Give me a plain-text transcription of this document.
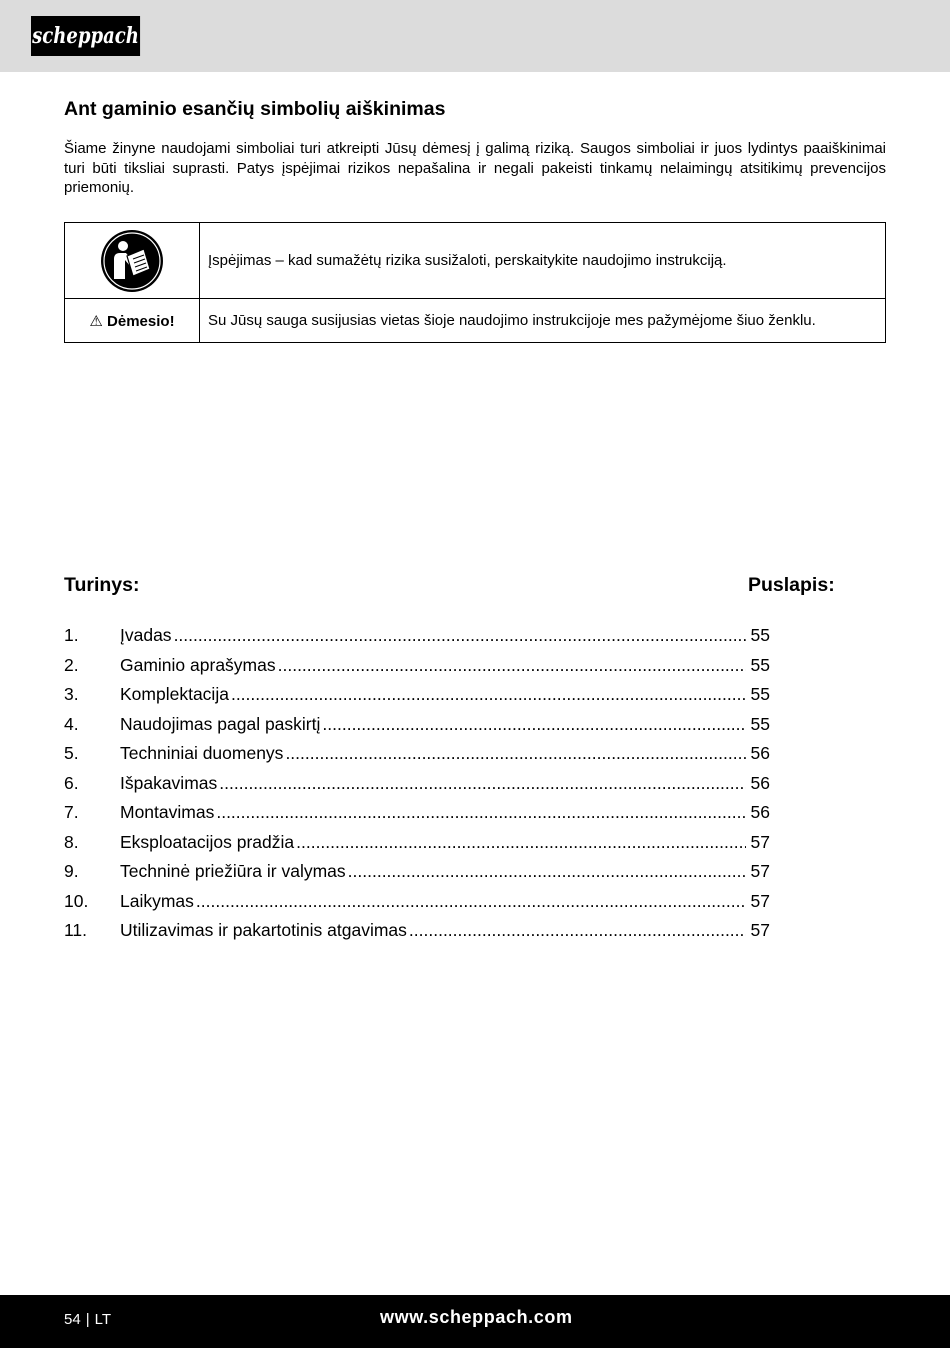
scheppach
Ant gaminio esančių simbolių aiškinimas

Šiame žinyne naudojami simboliai turi atkreipti Jūsų dėmesį į galimą riziką. Saugos simboliai ir juos lydintys paaiškinimai turi būti tiksliai suprasti. Patys įspėjimai rizikos nepašalina ir negali pakeisti tinkamų nelaimingų atsitikimų prevencijos priemonių.

	Įspėjimas – kad sumažėtų rizika susižaloti, perskaitykite naudojimo instrukciją.
⚠ Dėmesio!	Su Jūsų sauga susijusias vietas šioje naudojimo instrukcijoje mes pažymėjome šiuo ženklu.
Turinys:	Puslapis:
1.	Įvadas .....	55
2.	Gaminio aprašymas .....	55
3.	Komplektacija .....	55
4.	Naudojimas pagal paskirtį .....	55
5.	Techniniai duomenys .....	56
6.	Išpakavimas .....	56
7.	Montavimas .....	56
8.	Eksploatacijos pradžia .....	57
9.	Techninė priežiūra ir valymas .....	57
10.	Laikymas .....	57
11.	Utilizavimas ir pakartotinis atgavimas .....	57
54 | LT	www.scheppach.com
